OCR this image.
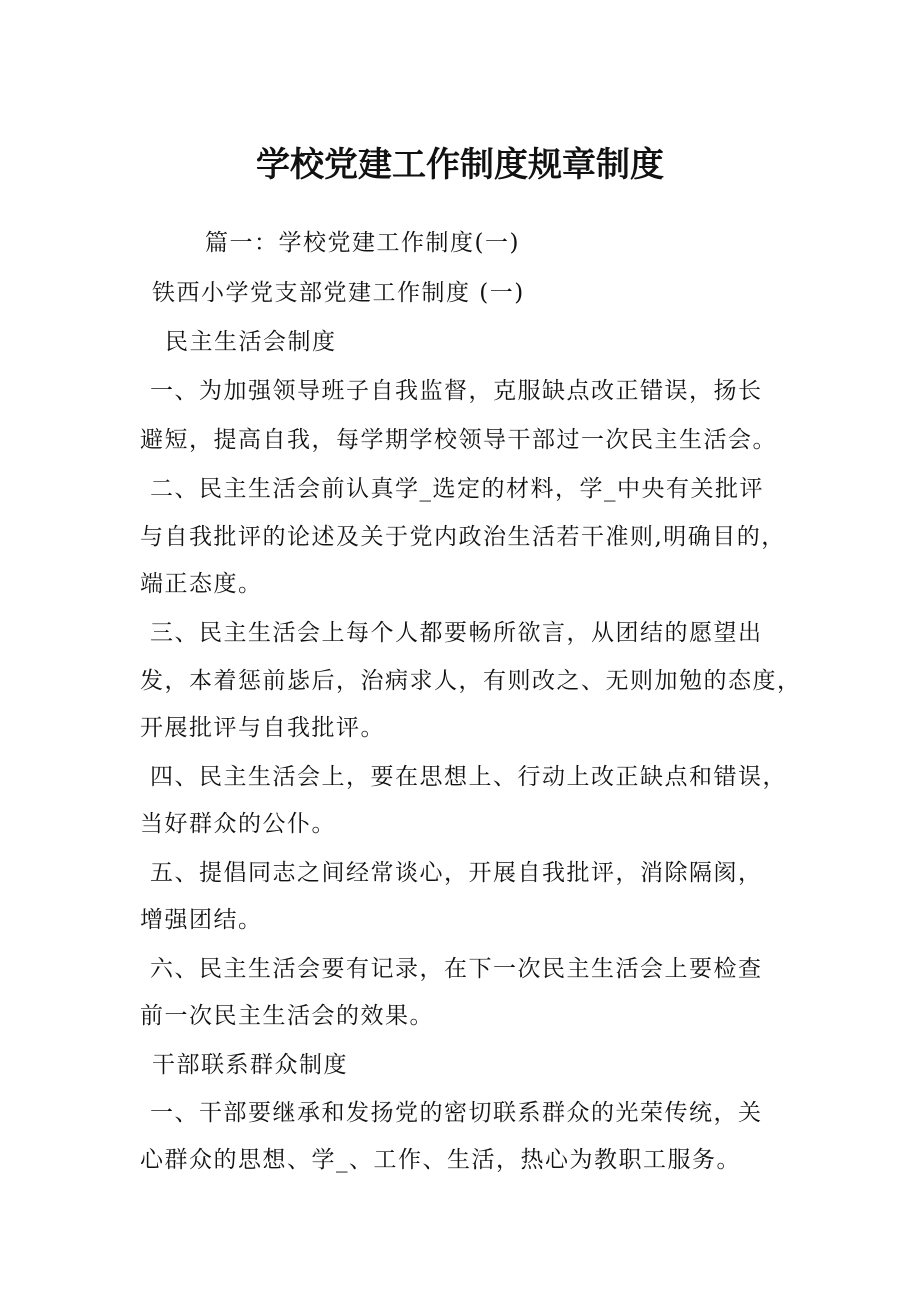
学校党建工作制度规章制度
篇一：学校党建工作制度(一)
铁西小学党支部党建工作制度 (一)
民主生活会制度
一、为加强领导班子自我监督，克服缺点改正错误，扬长
避短，提高自我，每学期学校领导干部过一次民主生活会。
二、民主生活会前认真学_选定的材料，学_中央有关批评
与自我批评的论述及关于党内政治生活若干准则,明确目的，
端正态度。
三、民主生活会上每个人都要畅所欲言，从团结的愿望出
发，本着惩前毖后，治病求人，有则改之、无则加勉的态度，
开展批评与自我批评。
四、民主生活会上，要在思想上、行动上改正缺点和错误，
当好群众的公仆。
五、提倡同志之间经常谈心，开展自我批评，消除隔阂，
增强团结。
六、民主生活会要有记录，在下一次民主生活会上要检查
前一次民主生活会的效果。
干部联系群众制度
一、干部要继承和发扬党的密切联系群众的光荣传统，关
心群众的思想、学_、工作、生活，热心为教职工服务。
